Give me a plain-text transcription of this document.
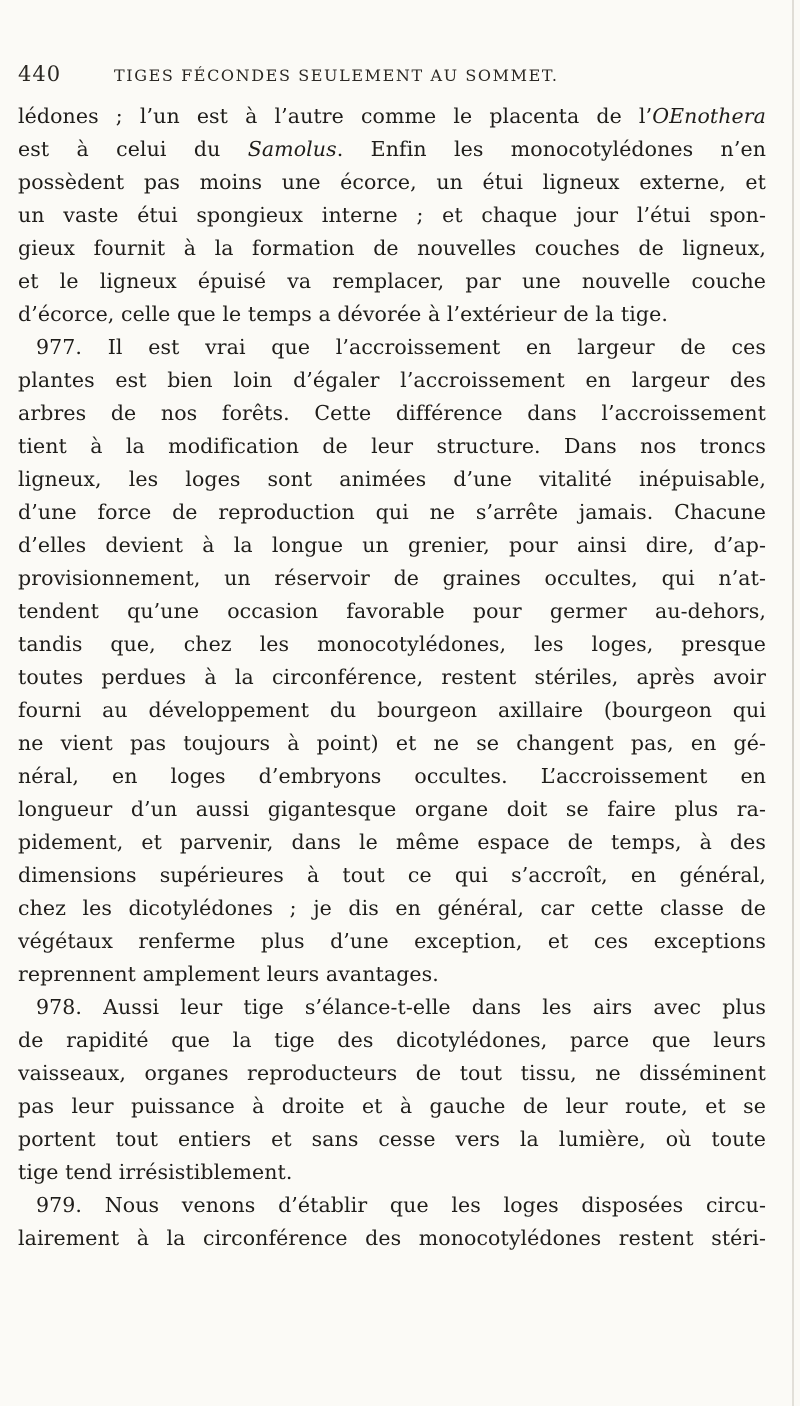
440	TIGES FÉCONDES SEULEMENT AU SOMMET.
lédones ; l’un est à l’autre comme le placenta de l’OEnothera
est à celui du Samolus. Enfin les monocotylédones n’en
possèdent pas moins une écorce, un étui ligneux externe, et
un vaste étui spongieux interne ; et chaque jour l’étui spon-
gieux fournit à la formation de nouvelles couches de ligneux,
et le ligneux épuisé va remplacer, par une nouvelle couche
d’écorce, celle que le temps a dévorée à l’extérieur de la tige.
977. Il est vrai que l’accroissement en largeur de ces
plantes est bien loin d’égaler l’accroissement en largeur des
arbres de nos forêts. Cette différence dans l’accroissement
tient à la modification de leur structure. Dans nos troncs
ligneux, les loges sont animées d’une vitalité inépuisable,
d’une force de reproduction qui ne s’arrête jamais. Chacune
d’elles devient à la longue un grenier, pour ainsi dire, d’ap-
provisionnement, un réservoir de graines occultes, qui n’at-
tendent qu’une occasion favorable pour germer au-dehors,
tandis que, chez les monocotylédones, les loges, presque
toutes perdues à la circonférence, restent stériles, après avoir
fourni au développement du bourgeon axillaire (bourgeon qui
ne vient pas toujours à point) et ne se changent pas, en gé-
néral, en loges d’embryons occultes. L’accroissement en
longueur d’un aussi gigantesque organe doit se faire plus ra-
pidement, et parvenir, dans le même espace de temps, à des
dimensions supérieures à tout ce qui s’accroît, en général,
chez les dicotylédones ; je dis en général, car cette classe de
végétaux renferme plus d’une exception, et ces exceptions
reprennent amplement leurs avantages.
978. Aussi leur tige s’élance-t-elle dans les airs avec plus
de rapidité que la tige des dicotylédones, parce que leurs
vaisseaux, organes reproducteurs de tout tissu, ne disséminent
pas leur puissance à droite et à gauche de leur route, et se
portent tout entiers et sans cesse vers la lumière, où toute
tige tend irrésistiblement.
979. Nous venons d’établir que les loges disposées circu-
lairement à la circonférence des monocotylédones restent stéri-
